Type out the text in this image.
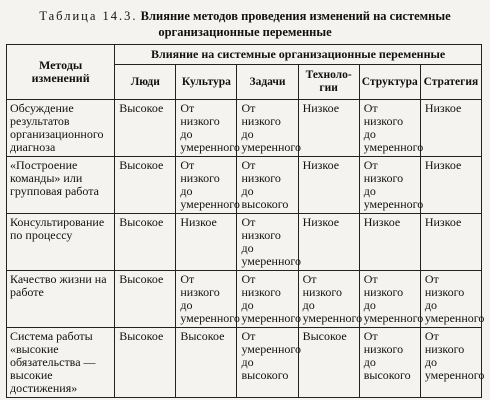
Таблица 14.3. Влияние методов проведения изменений на системные
организационные переменные
Методы изменений	Влияние на системные организационные переменные					
	Люди	Культура	Задачи	Техноло-гии	Структура	Стратегия
Обсуждение результатов организационного диагноза	Высокое	От низкого до умеренного	От низкого до умеренного	Низкое	От низкого до умеренного	Низкое
«Построение команды» или групповая работа	Высокое	От низкого до умеренного	От низкого до высокого	Низкое	От низкого до умеренного	Низкое
Консультирование по процессу	Высокое	Низкое	От низкого до умеренного	Низкое	Низкое	Низкое
Качество жизни на работе	Высокое	От низкого до умеренного	От низкого до умеренного	От низкого до умеренного	От низкого до умеренного	От низкого до умеренного
Система работы «высокие обязательства — высокие достижения»	Высокое	Высокое	От умеренного до высокого	Высокое	От низкого до высокого	От низкого до умеренного
